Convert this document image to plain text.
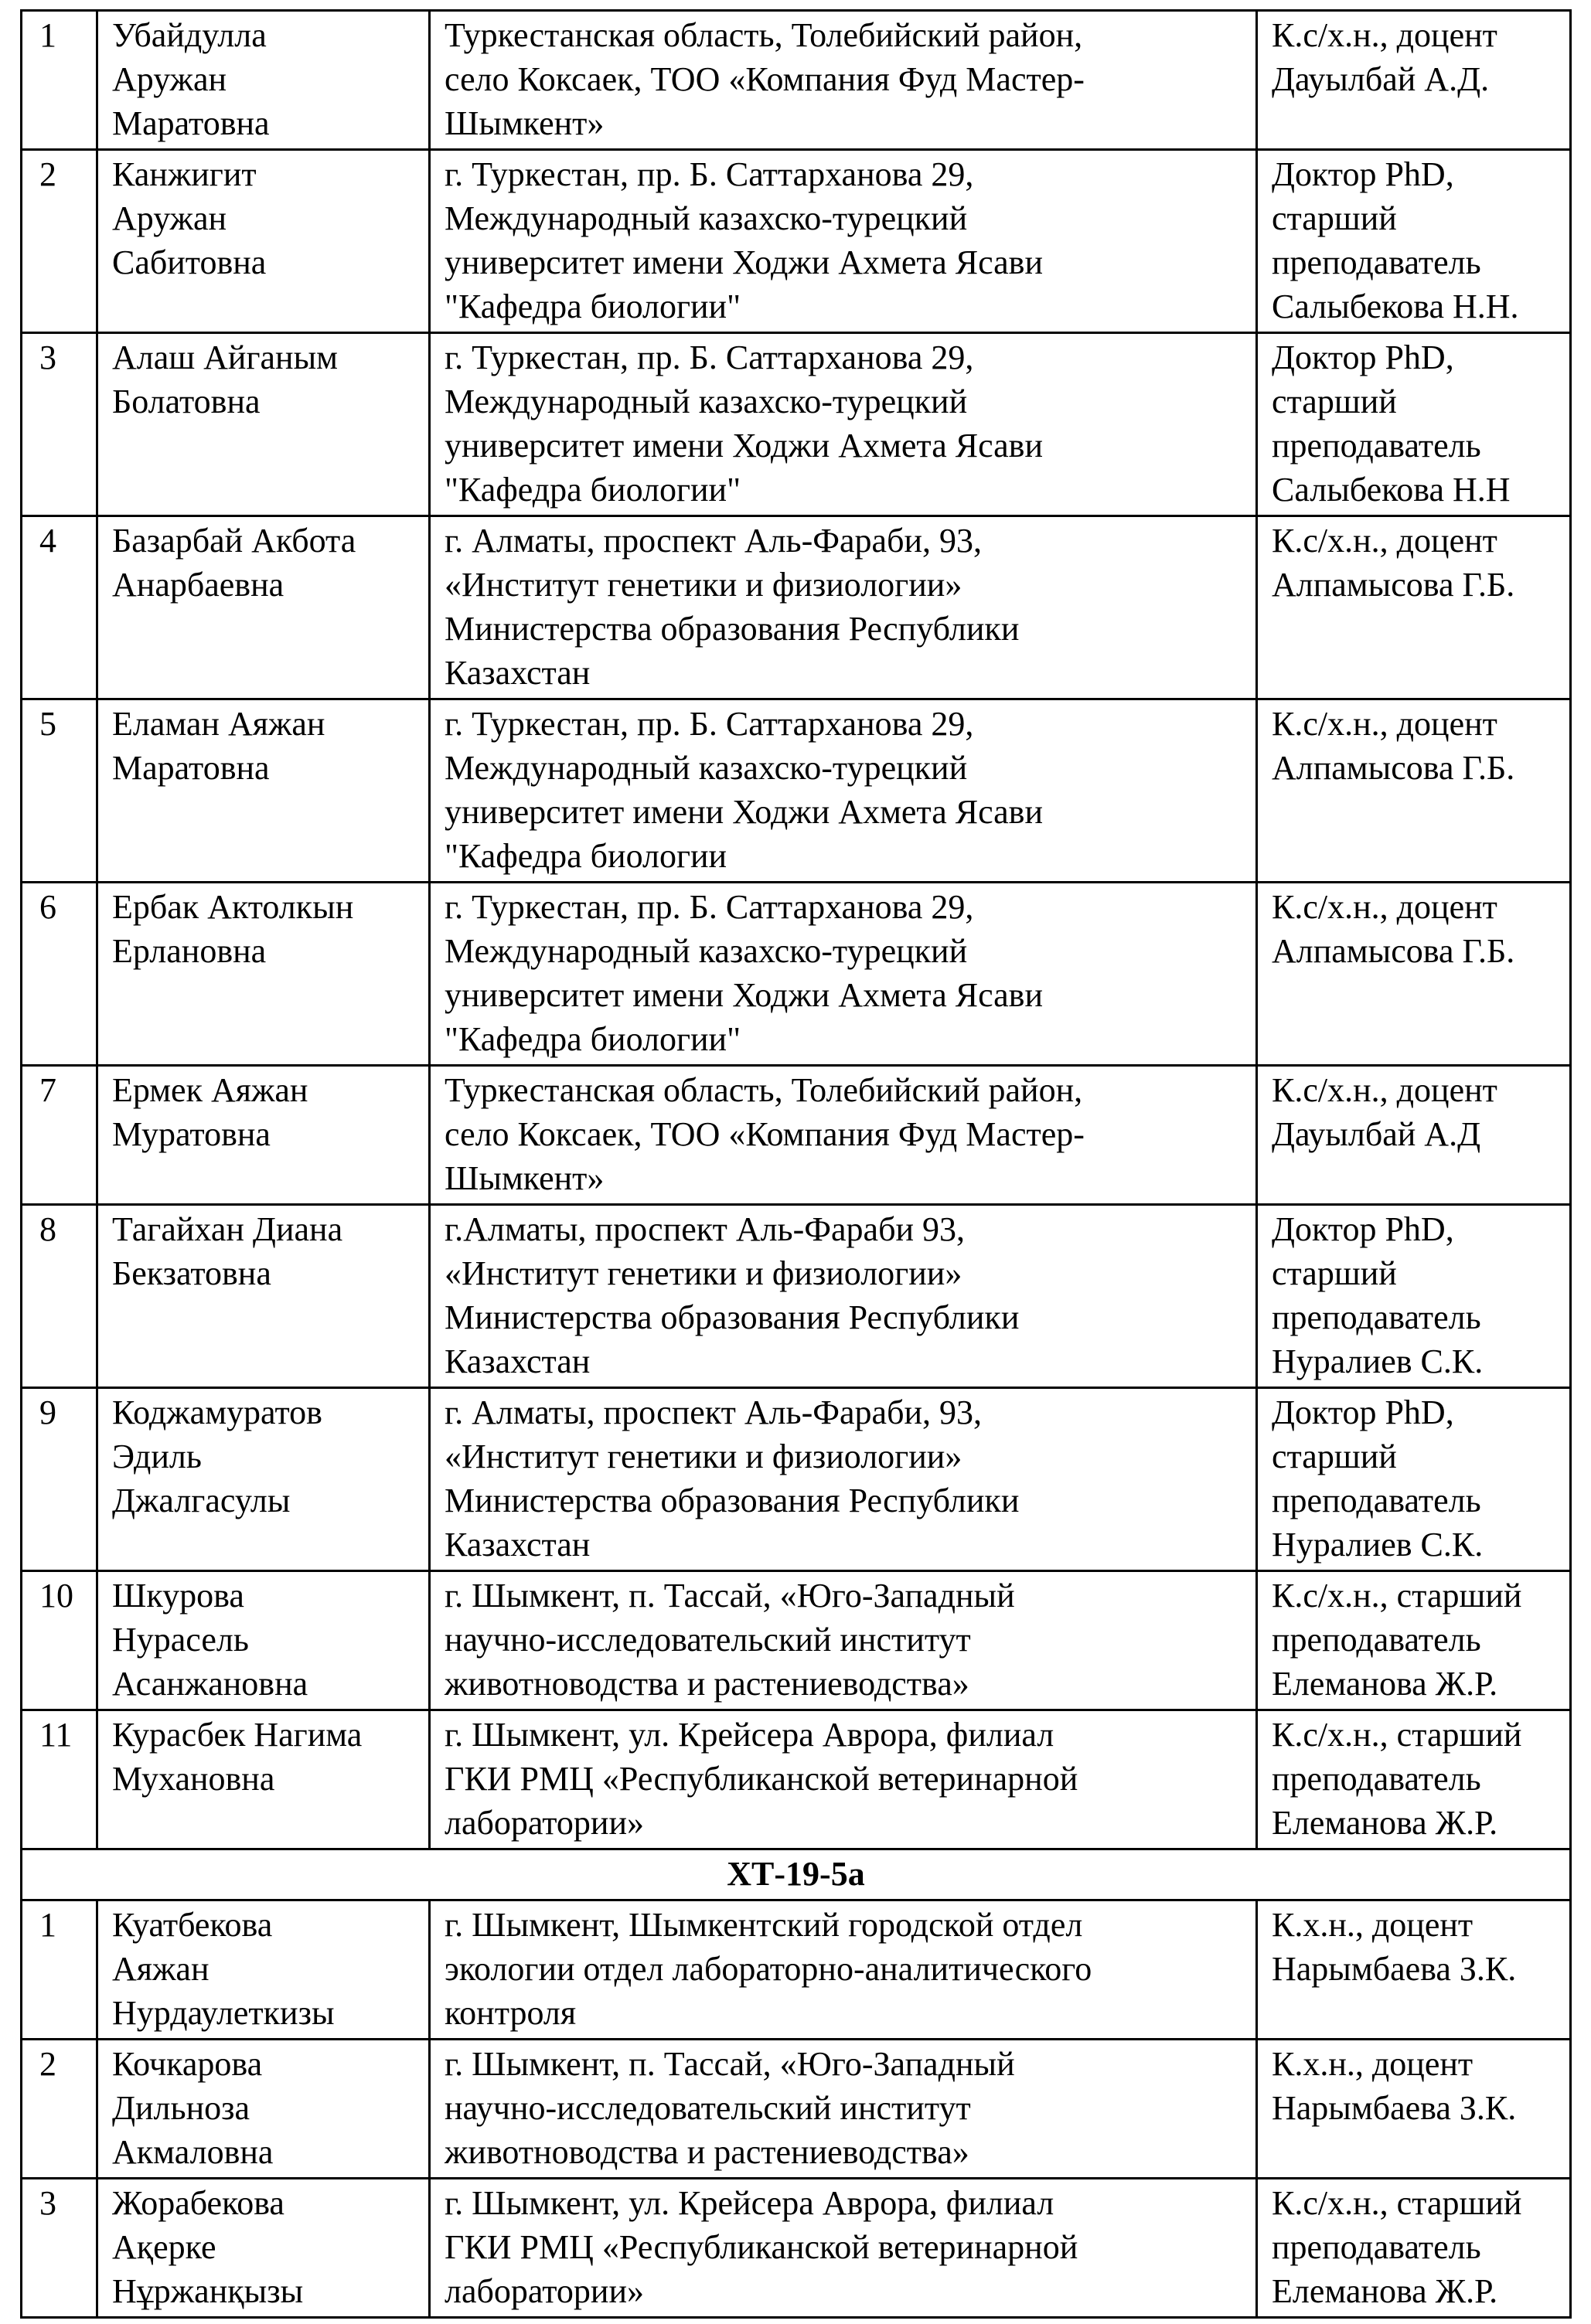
1	Убайдулла
Аружан
Маратовна	Туркестанская область, Толебийский район,
село Коксаек, ТОО «Компания Фуд Мастер-
Шымкент»	К.с/х.н., доцент
Дауылбай А.Д.

2	Канжигит
Аружан
Сабитовна	г. Туркестан, пр. Б. Саттарханова 29,
Международный казахско-турецкий
университет имени Ходжи Ахмета Ясави
"Кафедра биологии"	Доктор PhD,
старший
преподаватель
Салыбекова Н.Н.

3	Алаш Айганым
Болатовна	г. Туркестан, пр. Б. Саттарханова 29,
Международный казахско-турецкий
университет имени Ходжи Ахмета Ясави
"Кафедра биологии"	Доктор PhD,
старший
преподаватель
Салыбекова Н.Н

4	Базарбай Акбота
Анарбаевна	г. Алматы, проспект Аль-Фараби, 93,
«Институт генетики и физиологии»
Министерства образования Республики
Казахстан	К.с/х.н., доцент
Алпамысова Г.Б.

5	Еламан Аяжан
Маратовна	г. Туркестан, пр. Б. Саттарханова 29,
Международный казахско-турецкий
университет имени Ходжи Ахмета Ясави
"Кафедра биологии	К.с/х.н., доцент
Алпамысова Г.Б.

6	Ербак Актолкын
Ерлановна	г. Туркестан, пр. Б. Саттарханова 29,
Международный казахско-турецкий
университет имени Ходжи Ахмета Ясави
"Кафедра биологии"	К.с/х.н., доцент
Алпамысова Г.Б.

7	Ермек Аяжан
Муратовна	Туркестанская область, Толебийский район,
село Коксаек, ТОО «Компания Фуд Мастер-
Шымкент»	К.с/х.н., доцент
Дауылбай А.Д

8	Тагайхан Диана
Бекзатовна	г.Алматы, проспект Аль-Фараби 93,
«Институт генетики и физиологии»
Министерства образования Республики
Казахстан	Доктор PhD,
старший
преподаватель
Нуралиев С.К.

9	Коджамуратов
Эдиль
Джалгасулы	г. Алматы, проспект Аль-Фараби, 93,
«Институт генетики и физиологии»
Министерства образования Республики
Казахстан	Доктор PhD,
старший
преподаватель
Нуралиев С.К.

10	Шкурова
Нурасель
Асанжановна	г. Шымкент, п. Тассай, «Юго-Западный
научно-исследовательский институт
животноводства и растениеводства»	К.с/х.н., старший
преподаватель
Елеманова Ж.Р.

11	Курасбек Нагима
Мухановна	г. Шымкент, ул. Крейсера Аврора, филиал
ГКИ РМЦ «Республиканской ветеринарной
лаборатории»	К.с/х.н., старший
преподаватель
Елеманова Ж.Р.

ХТ-19-5а			
1	Куатбекова
Аяжан
Нурдаулеткизы	г. Шымкент, Шымкентский городской отдел
экологии отдел лабораторно-аналитического
контроля	К.х.н., доцент
Нарымбаева З.К.

2	Кочкарова
Дильноза
Акмаловна	г. Шымкент, п. Тассай, «Юго-Западный
научно-исследовательский институт
животноводства и растениеводства»	К.х.н., доцент
Нарымбаева З.К.

3	Жорабекова
Ақерке
Нұржанқызы	г. Шымкент, ул. Крейсера Аврора, филиал
ГКИ РМЦ «Республиканской ветеринарной
лаборатории»	К.с/х.н., старший
преподаватель
Елеманова Ж.Р.
